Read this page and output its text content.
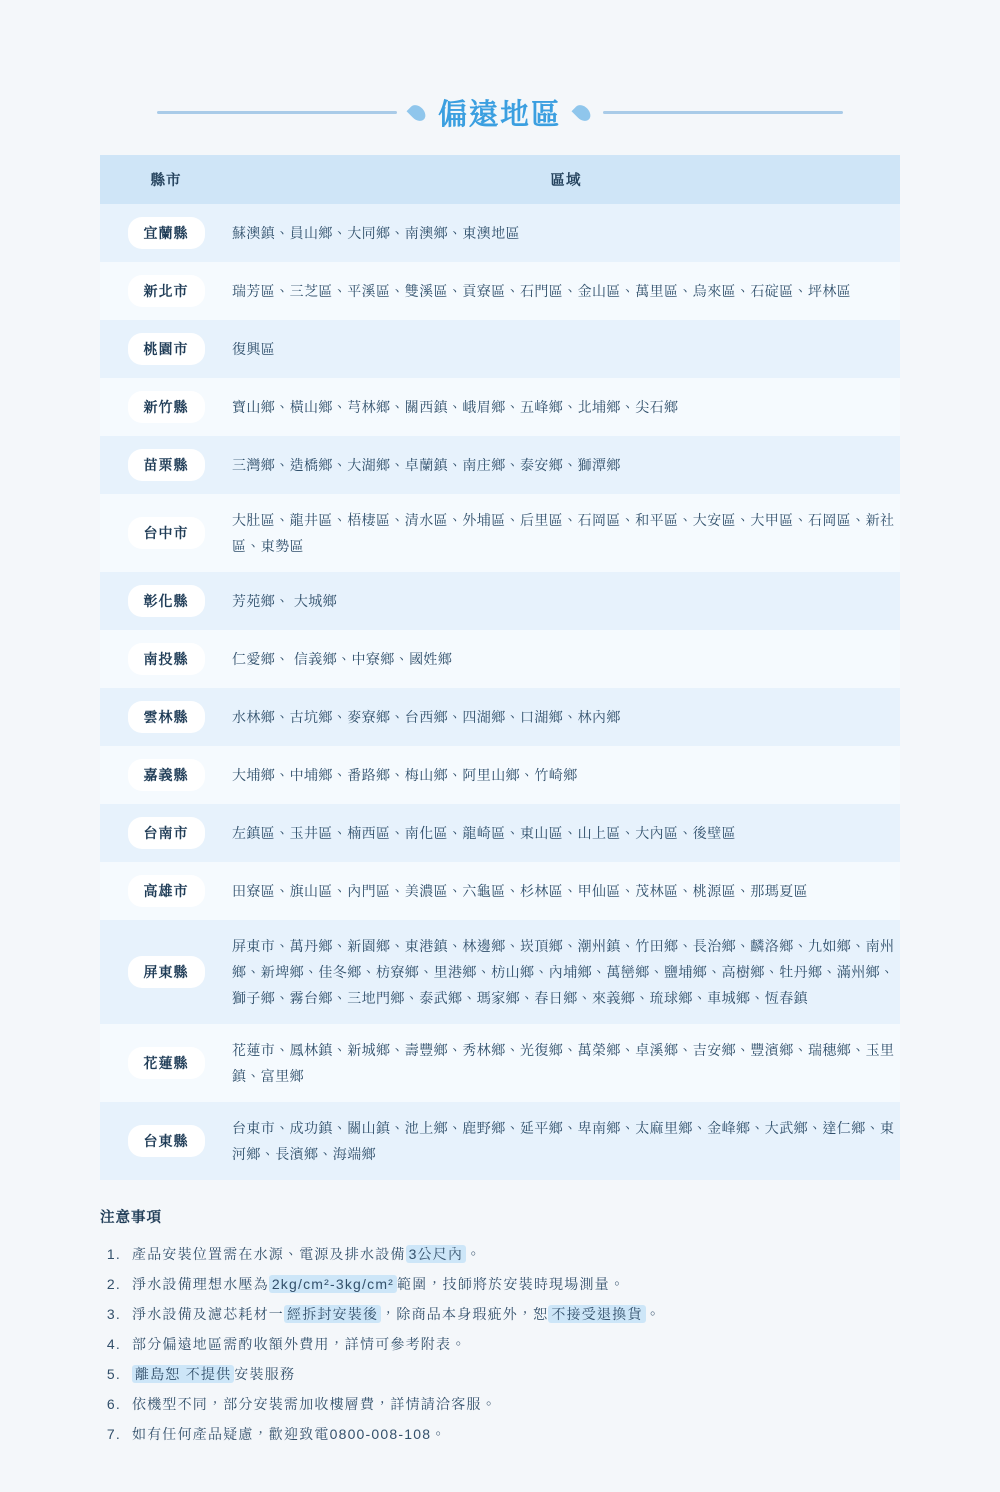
偏遠地區
縣市	區域
宜蘭縣	蘇澳鎮、員山鄉、大同鄉、南澳鄉、東澳地區
新北市	瑞芳區、三芝區、平溪區、雙溪區、貢寮區、石門區、金山區、萬里區、烏來區、石碇區、坪林區
桃園市	復興區
新竹縣	寶山鄉、橫山鄉、芎林鄉、關西鎮、峨眉鄉、五峰鄉、北埔鄉、尖石鄉
苗栗縣	三灣鄉、造橋鄉、大湖鄉、卓蘭鎮、南庄鄉、泰安鄉、獅潭鄉
台中市	大肚區、龍井區、梧棲區、清水區、外埔區、后里區、石岡區、和平區、大安區、大甲區、石岡區、新社區、東勢區
彰化縣	芳苑鄉、 大城鄉
南投縣	仁愛鄉、 信義鄉、中寮鄉、國姓鄉
雲林縣	水林鄉、古坑鄉、麥寮鄉、台西鄉、四湖鄉、口湖鄉、林內鄉
嘉義縣	大埔鄉、中埔鄉、番路鄉、梅山鄉、阿里山鄉、竹崎鄉
台南市	左鎮區、玉井區、楠西區、南化區、龍崎區、東山區、山上區、大內區、後壁區
高雄市	田寮區、旗山區、內門區、美濃區、六龜區、杉林區、甲仙區、茂林區、桃源區、那瑪夏區
屏東縣	屏東市、萬丹鄉、新園鄉、東港鎮、林邊鄉、崁頂鄉、潮州鎮、竹田鄉、長治鄉、麟洛鄉、九如鄉、南州鄉、新埤鄉、佳冬鄉、枋寮鄉、里港鄉、枋山鄉、內埔鄉、萬巒鄉、鹽埔鄉、高樹鄉、牡丹鄉、滿州鄉、獅子鄉、霧台鄉、三地門鄉、泰武鄉、瑪家鄉、春日鄉、來義鄉、琉球鄉、車城鄉、恆春鎮
花蓮縣	花蓮市、鳳林鎮、新城鄉、壽豐鄉、秀林鄉、光復鄉、萬榮鄉、卓溪鄉、吉安鄉、豐濱鄉、瑞穗鄉、玉里鎮、富里鄉
台東縣	台東市、成功鎮、關山鎮、池上鄉、鹿野鄉、延平鄉、卑南鄉、太麻里鄉、金峰鄉、大武鄉、達仁鄉、東河鄉、長濱鄉、海端鄉
注意事項
1. 產品安裝位置需在水源、電源及排水設備 3公尺內 。
2. 淨水設備理想水壓為 2kg/cm²-3kg/cm² 範圍，技師將於安裝時現場測量。
3. 淨水設備及濾芯耗材一 經拆封安裝後 ，除商品本身瑕疵外，恕 不接受退換貨 。
4. 部分偏遠地區需酌收額外費用，詳情可參考附表。
5. 離島恕 不提供 安裝服務
6. 依機型不同，部分安裝需加收樓層費，詳情請洽客服。
7. 如有任何產品疑慮，歡迎致電0800-008-108。
